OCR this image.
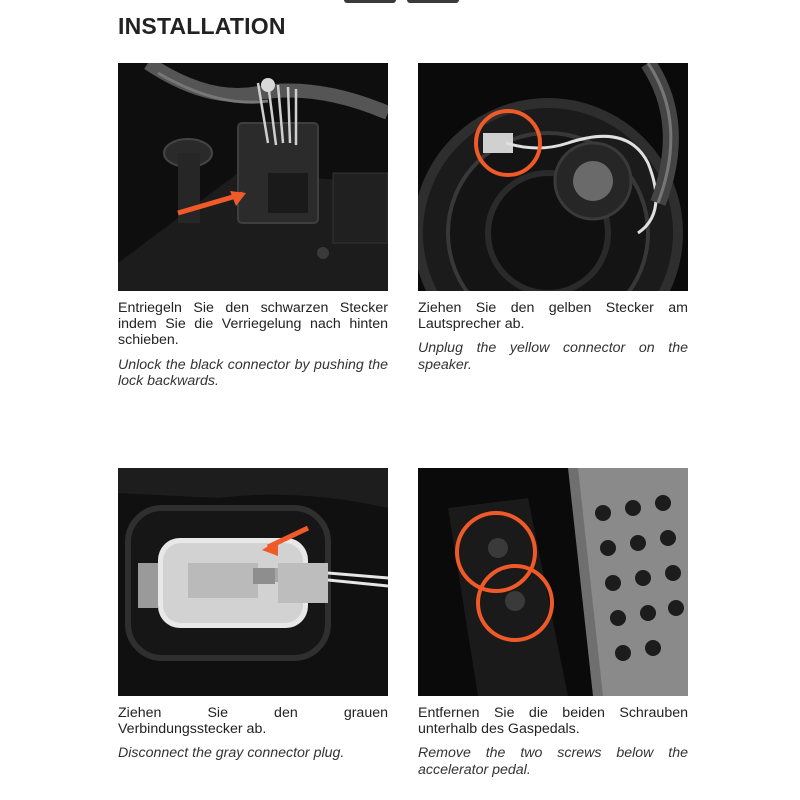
INSTALLATION

Entriegeln Sie den schwarzen Stecker indem Sie die Verriegelung nach hinten schieben.

Unlock the black connector by pushing the lock backwards.

Ziehen Sie den gelben Stecker am Lautsprecher ab.

Unplug the yellow connector on the speaker.

Ziehen Sie den grauen Verbindungsstecker ab.

Disconnect the gray connector plug.

Entfernen Sie die beiden Schrauben unterhalb des Gaspedals.

Remove the two screws below the accelerator pedal.
